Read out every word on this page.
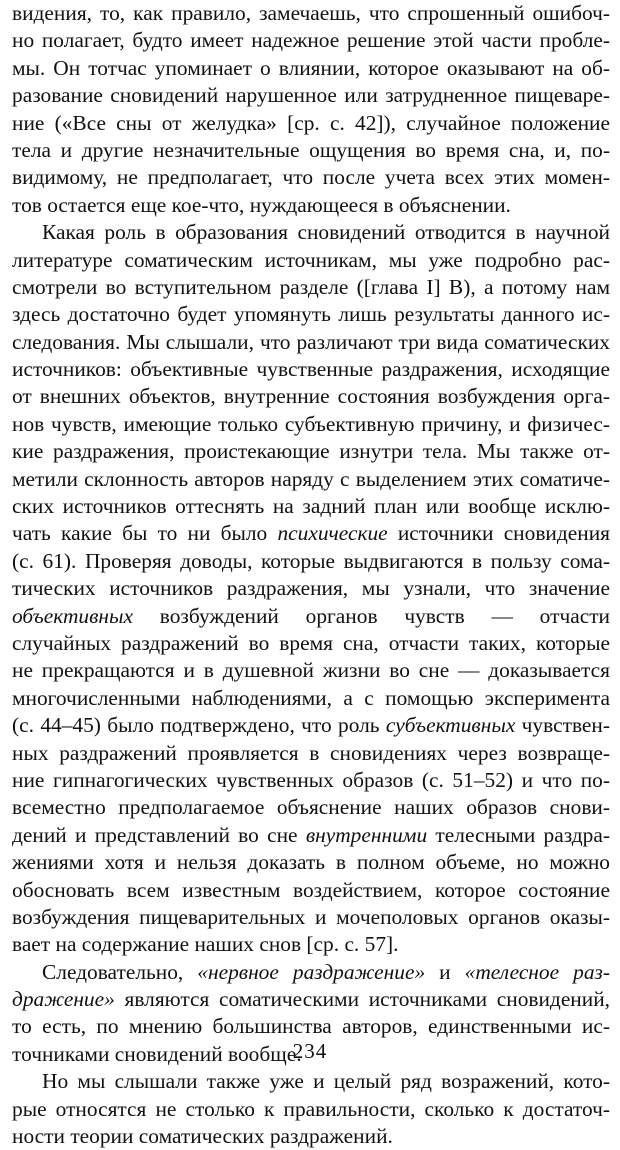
видения, то, как правило, замечаешь, что спрошенный ошибоч-
но полагает, будто имеет надежное решение этой части пробле-
мы. Он тотчас упоминает о влиянии, которое оказывают на об-
разование сновидений нарушенное или затрудненное пищеваре-
ние («Все сны от желудка» [ср. с. 42]), случайное положение
тела и другие незначительные ощущения во время сна, и, по-
видимому, не предполагает, что после учета всех этих момен-
тов остается еще кое-что, нуждающееся в объяснении.
Какая роль в образования сновидений отводится в научной
литературе соматическим источникам, мы уже подробно рас-
смотрели во вступительном разделе ([глава I] В), а потому нам
здесь достаточно будет упомянуть лишь результаты данного ис-
следования. Мы слышали, что различают три вида соматических
источников: объективные чувственные раздражения, исходящие
от внешних объектов, внутренние состояния возбуждения орга-
нов чувств, имеющие только субъективную причину, и физичес-
кие раздражения, проистекающие изнутри тела. Мы также от-
метили склонность авторов наряду с выделением этих соматиче-
ских источников оттеснять на задний план или вообще исклю-
чать какие бы то ни было психические источники сновидения
(с. 61). Проверяя доводы, которые выдвигаются в пользу сома-
тических источников раздражения, мы узнали, что значение
объективных возбуждений органов чувств — отчасти
случайных раздражений во время сна, отчасти таких, которые
не прекращаются и в душевной жизни во сне — доказывается
многочисленными наблюдениями, а с помощью эксперимента
(с. 44–45) было подтверждено, что роль субъективных чувствен-
ных раздражений проявляется в сновидениях через возвраще-
ние гипнагогических чувственных образов (с. 51–52) и что по-
всеместно предполагаемое объяснение наших образов снови-
дений и представлений во сне внутренними телесными раздра-
жениями хотя и нельзя доказать в полном объеме, но можно
обосновать всем известным воздействием, которое состояние
возбуждения пищеварительных и мочеполовых органов оказы-
вает на содержание наших снов [ср. с. 57].
Следовательно, «нервное раздражение» и «телесное раз-
дражение» являются соматическими источниками сновидений,
то есть, по мнению большинства авторов, единственными ис-
точниками сновидений вообще.
Но мы слышали также уже и целый ряд возражений, кото-
рые относятся не столько к правильности, сколько к достаточ-
ности теории соматических раздражений.
234
